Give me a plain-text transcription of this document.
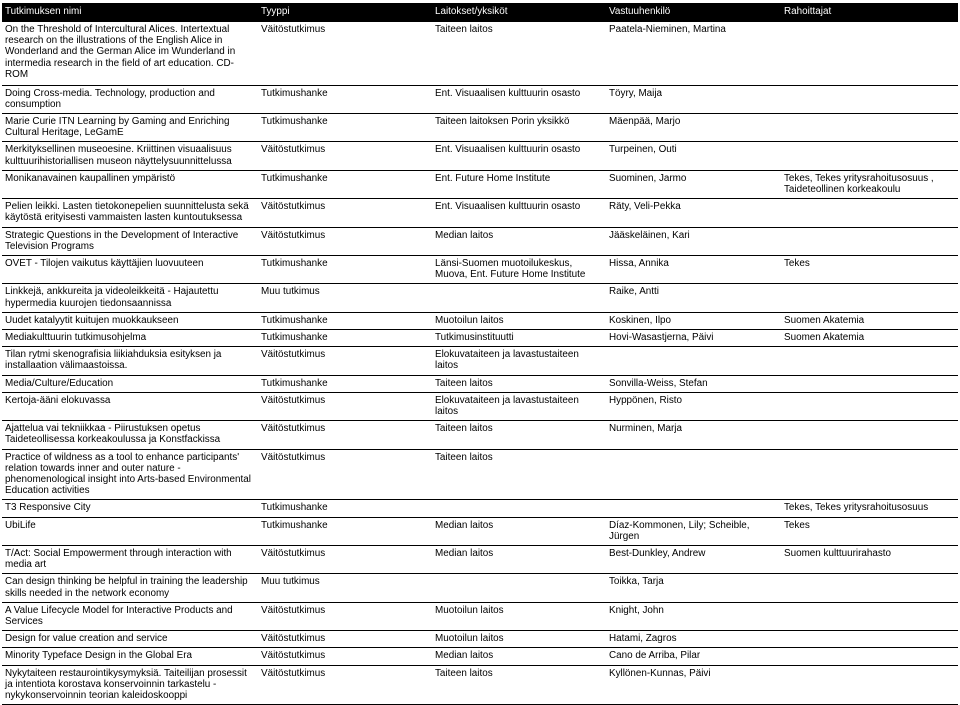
Tutkimuksen nimi	Tyyppi	Laitokset/yksiköt	Vastuuhenkilö	Rahoittajat
On the Threshold of Intercultural Alices. Intertextual research on the illustrations of the English Alice in Wonderland and the German Alice im Wunderland in intermedia research in the field of art education. CD-ROM	Väitöstutkimus	Taiteen laitos	Paatela-Nieminen, Martina	
Doing Cross-media. Technology, production and consumption	Tutkimushanke	Ent. Visuaalisen kulttuurin osasto	Töyry, Maija	
Marie Curie ITN Learning by Gaming and Enriching Cultural Heritage, LeGamE	Tutkimushanke	Taiteen laitoksen Porin yksikkö	Mäenpää, Marjo	
Merkityksellinen museoesine. Kriittinen visuaalisuus kulttuurihistoriallisen museon näyttelysuunnittelussa	Väitöstutkimus	Ent. Visuaalisen kulttuurin osasto	Turpeinen, Outi	
Monikanavainen kaupallinen ympäristö	Tutkimushanke	Ent. Future Home Institute	Suominen, Jarmo	Tekes, Tekes yritysrahoitusosuus , Taideteollinen korkeakoulu
Pelien leikki. Lasten tietokonepelien suunnittelusta sekä käytöstä erityisesti vammaisten lasten kuntoutuksessa	Väitöstutkimus	Ent. Visuaalisen kulttuurin osasto	Räty, Veli-Pekka	
Strategic Questions in the Development of Interactive Television Programs	Väitöstutkimus	Median laitos	Jääskeläinen, Kari	
OVET - Tilojen vaikutus käyttäjien luovuuteen	Tutkimushanke	Länsi-Suomen muotoilukeskus, Muova, Ent. Future Home Institute	Hissa, Annika	Tekes
Linkkejä, ankkureita ja videoleikkeitä - Hajautettu hypermedia kuurojen tiedonsaannissa	Muu tutkimus		Raike, Antti	
Uudet katalyytit kuitujen muokkaukseen	Tutkimushanke	Muotoilun laitos	Koskinen, Ilpo	Suomen Akatemia
Mediakulttuurin tutkimusohjelma	Tutkimushanke	Tutkimusinstituutti	Hovi-Wasastjerna, Päivi	Suomen Akatemia
Tilan rytmi skenografisia liikiahduksia esityksen ja installaation välimaastoissa.	Väitöstutkimus	Elokuvataiteen ja lavastustaiteen laitos		
Media/Culture/Education	Tutkimushanke	Taiteen laitos	Sonvilla-Weiss, Stefan	
Kertoja-ääni elokuvassa	Väitöstutkimus	Elokuvataiteen ja lavastustaiteen laitos	Hyppönen, Risto	
Ajattelua vai tekniikkaa - Piirustuksen opetus Taideteollisessa korkeakoulussa ja Konstfackissa	Väitöstutkimus	Taiteen laitos	Nurminen, Marja	
Practice of wildness as a tool to enhance participants' relation towards inner and outer nature - phenomenological insight into Arts-based Environmental Education activities	Väitöstutkimus	Taiteen laitos		
T3 Responsive City	Tutkimushanke			Tekes, Tekes yritysrahoitusosuus
UbiLife	Tutkimushanke	Median laitos	Díaz-Kommonen, Lily; Scheible, Jürgen	Tekes
T/Act: Social Empowerment through interaction with media art	Väitöstutkimus	Median laitos	Best-Dunkley, Andrew	Suomen kulttuurirahasto
Can design thinking be helpful in training the leadership skills needed in the network economy	Muu tutkimus		Toikka, Tarja	
A Value Lifecycle Model for Interactive Products and Services	Väitöstutkimus	Muotoilun laitos	Knight, John	
Design for value creation and service	Väitöstutkimus	Muotoilun laitos	Hatami, Zagros	
Minority Typeface Design in the Global Era	Väitöstutkimus	Median laitos	Cano de Arriba, Pilar	
Nykytaiteen restaurointikysymyksiä. Taiteilijan prosessit ja intentiota korostava konservoinnin tarkastelu - nykykonservoinnin teorian kaleidoskooppi	Väitöstutkimus	Taiteen laitos	Kyllönen-Kunnas, Päivi	
